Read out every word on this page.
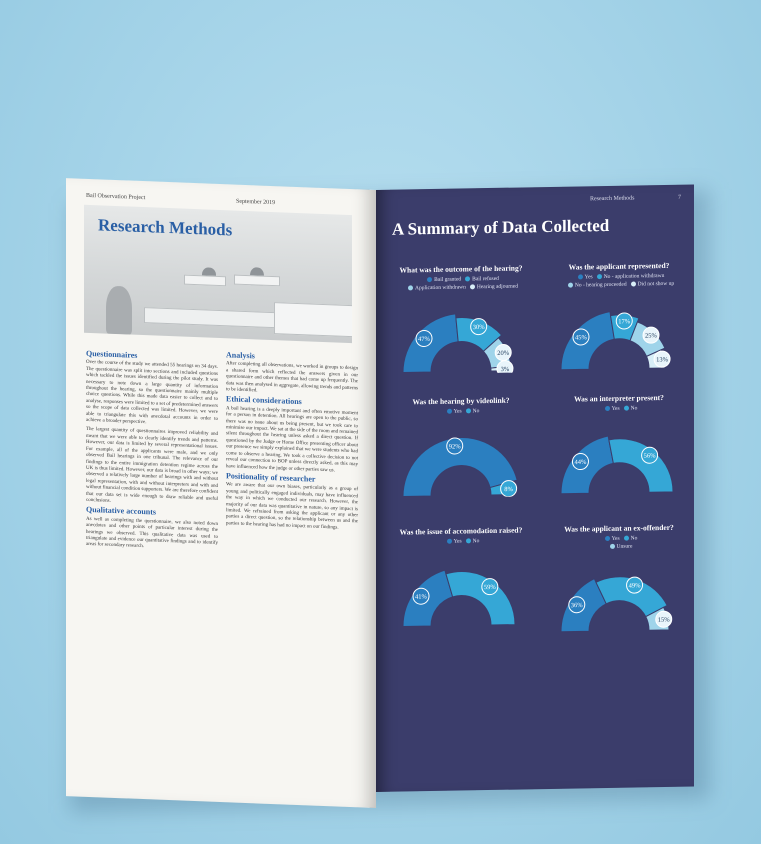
Bail Observation Project
September 2019
Research Methods
Questionnaires

Over the course of the study we attended 55 hearings on 34 days. The questionnaire was split into sections and included questions which tackled the issues identified during the pilot study. It was necessary to note down a large quantity of information throughout the hearing, so the questionnaire mainly multiple choice questions. While this made data easier to collect and to analyse, responses were limited to a set of predetermined answers so the scope of data collected was limited. However, we were able to triangulate this with anecdotal accounts in order to achieve a broader perspective.

The largest quantity of questionnaires improved reliability and meant that we were able to clearly identify trends and patterns. However, our data is limited by several representational issues. For example, all of the applicants were male, and we only observed Bail hearings in one tribunal. The relevance of our findings to the entire immigration detention regime across the UK is thus limited. However, our data is broad in other ways; we observed a relatively large number of hearings with and without legal representation, with and without interpreters and with and without financial condition supporters. We are therefore confident that our data set is wide enough to draw reliable and useful conclusions.

Qualitative accounts

As well as completing the questionnaire, we also noted down anecdotes and other points of particular interest during the hearings we observed. This qualitative data was used to triangulate and evidence our quantitative findings and to identify areas for secondary research.

Analysis

After completing all observations, we worked in groups to design a shared form which reflected the answers given in our questionnaire and other themes that had come up frequently. The data was then analysed in aggregate, allowing trends and patterns to be identified.

Ethical considerations

A bail hearing is a deeply important and often emotive moment for a person in detention. All hearings are open to the public, so there was no issue about us being present, but we took care to minimise our impact. We sat at the side of the room and remained silent throughout the hearing unless asked a direct question. If questioned by the Judge or Home Office presenting officer about our presence we simply explained that we were students who had come to observe a hearing. We took a collective decision to not reveal our connection to BOP unless directly asked, as this may have influenced how the judge or other parties saw us.

Positionality of researcher

We are aware that our own biases, particularly as a group of young and politically engaged individuals, may have influenced the way in which we conducted our research. However, the majority of our data was quantitative in nature, so any impact is limited. We refrained from asking the applicant or any other parties a direct question, so the relationship between us and the parties to the hearing has had no impact on our findings.

Research Methods	7
A Summary of Data Collected
What was the outcome of the hearing?
Bail granted Bail refused
Application withdrawn Hearing adjourned
47%
30%
20%
3%
Was the applicant represented?
Yes No - application withdrawn
No - hearing proceeded Did not show up
45%
17%
25%
13%
Was the hearing by videolink?
Yes No
92%
8%
Was an interpreter present?
Yes No
44%
56%
Was the issue of accomodation raised?
Yes No
41%
59%
Was the applicant an ex-offender?
Yes No
Unsure
36%
49%
15%
